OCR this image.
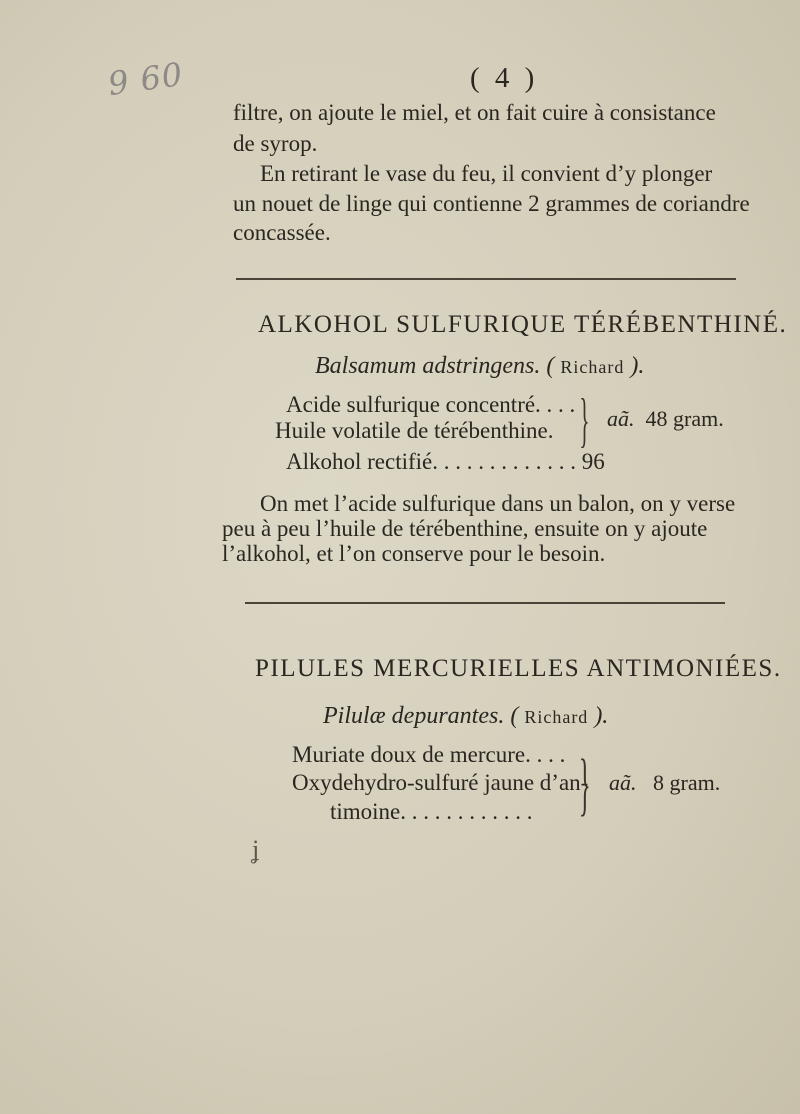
9 60	( 4 )
filtre, on ajoute le miel, et on fait cuire à consistance
de syrop.
En retirant le vase du feu, il convient d’y plonger
un nouet de linge qui contienne 2 grammes de coriandre
concassée.
ALKOHOL SULFURIQUE TÉRÉBENTHINÉ.
Balsamum adstringens. ( Richard ).
Acide sulfurique concentré. . . .
Huile volatile de térébenthine. } aã. 48 gram.
Alkohol rectifié. . . . . . . . . . . . . 96
On met l’acide sulfurique dans un balon, on y verse
peu à peu l’huile de térébenthine, ensuite on y ajoute
l’alkohol, et l’on conserve pour le besoin.
PILULES MERCURIELLES ANTIMONIÉES.
Pilulæ depurantes. ( Richard ).
Muriate doux de mercure. . . .
Oxydehydro-sulfuré jaune d’an-
timoine. . . . . . . . . . . . } aã. 8 gram.
ʝ
